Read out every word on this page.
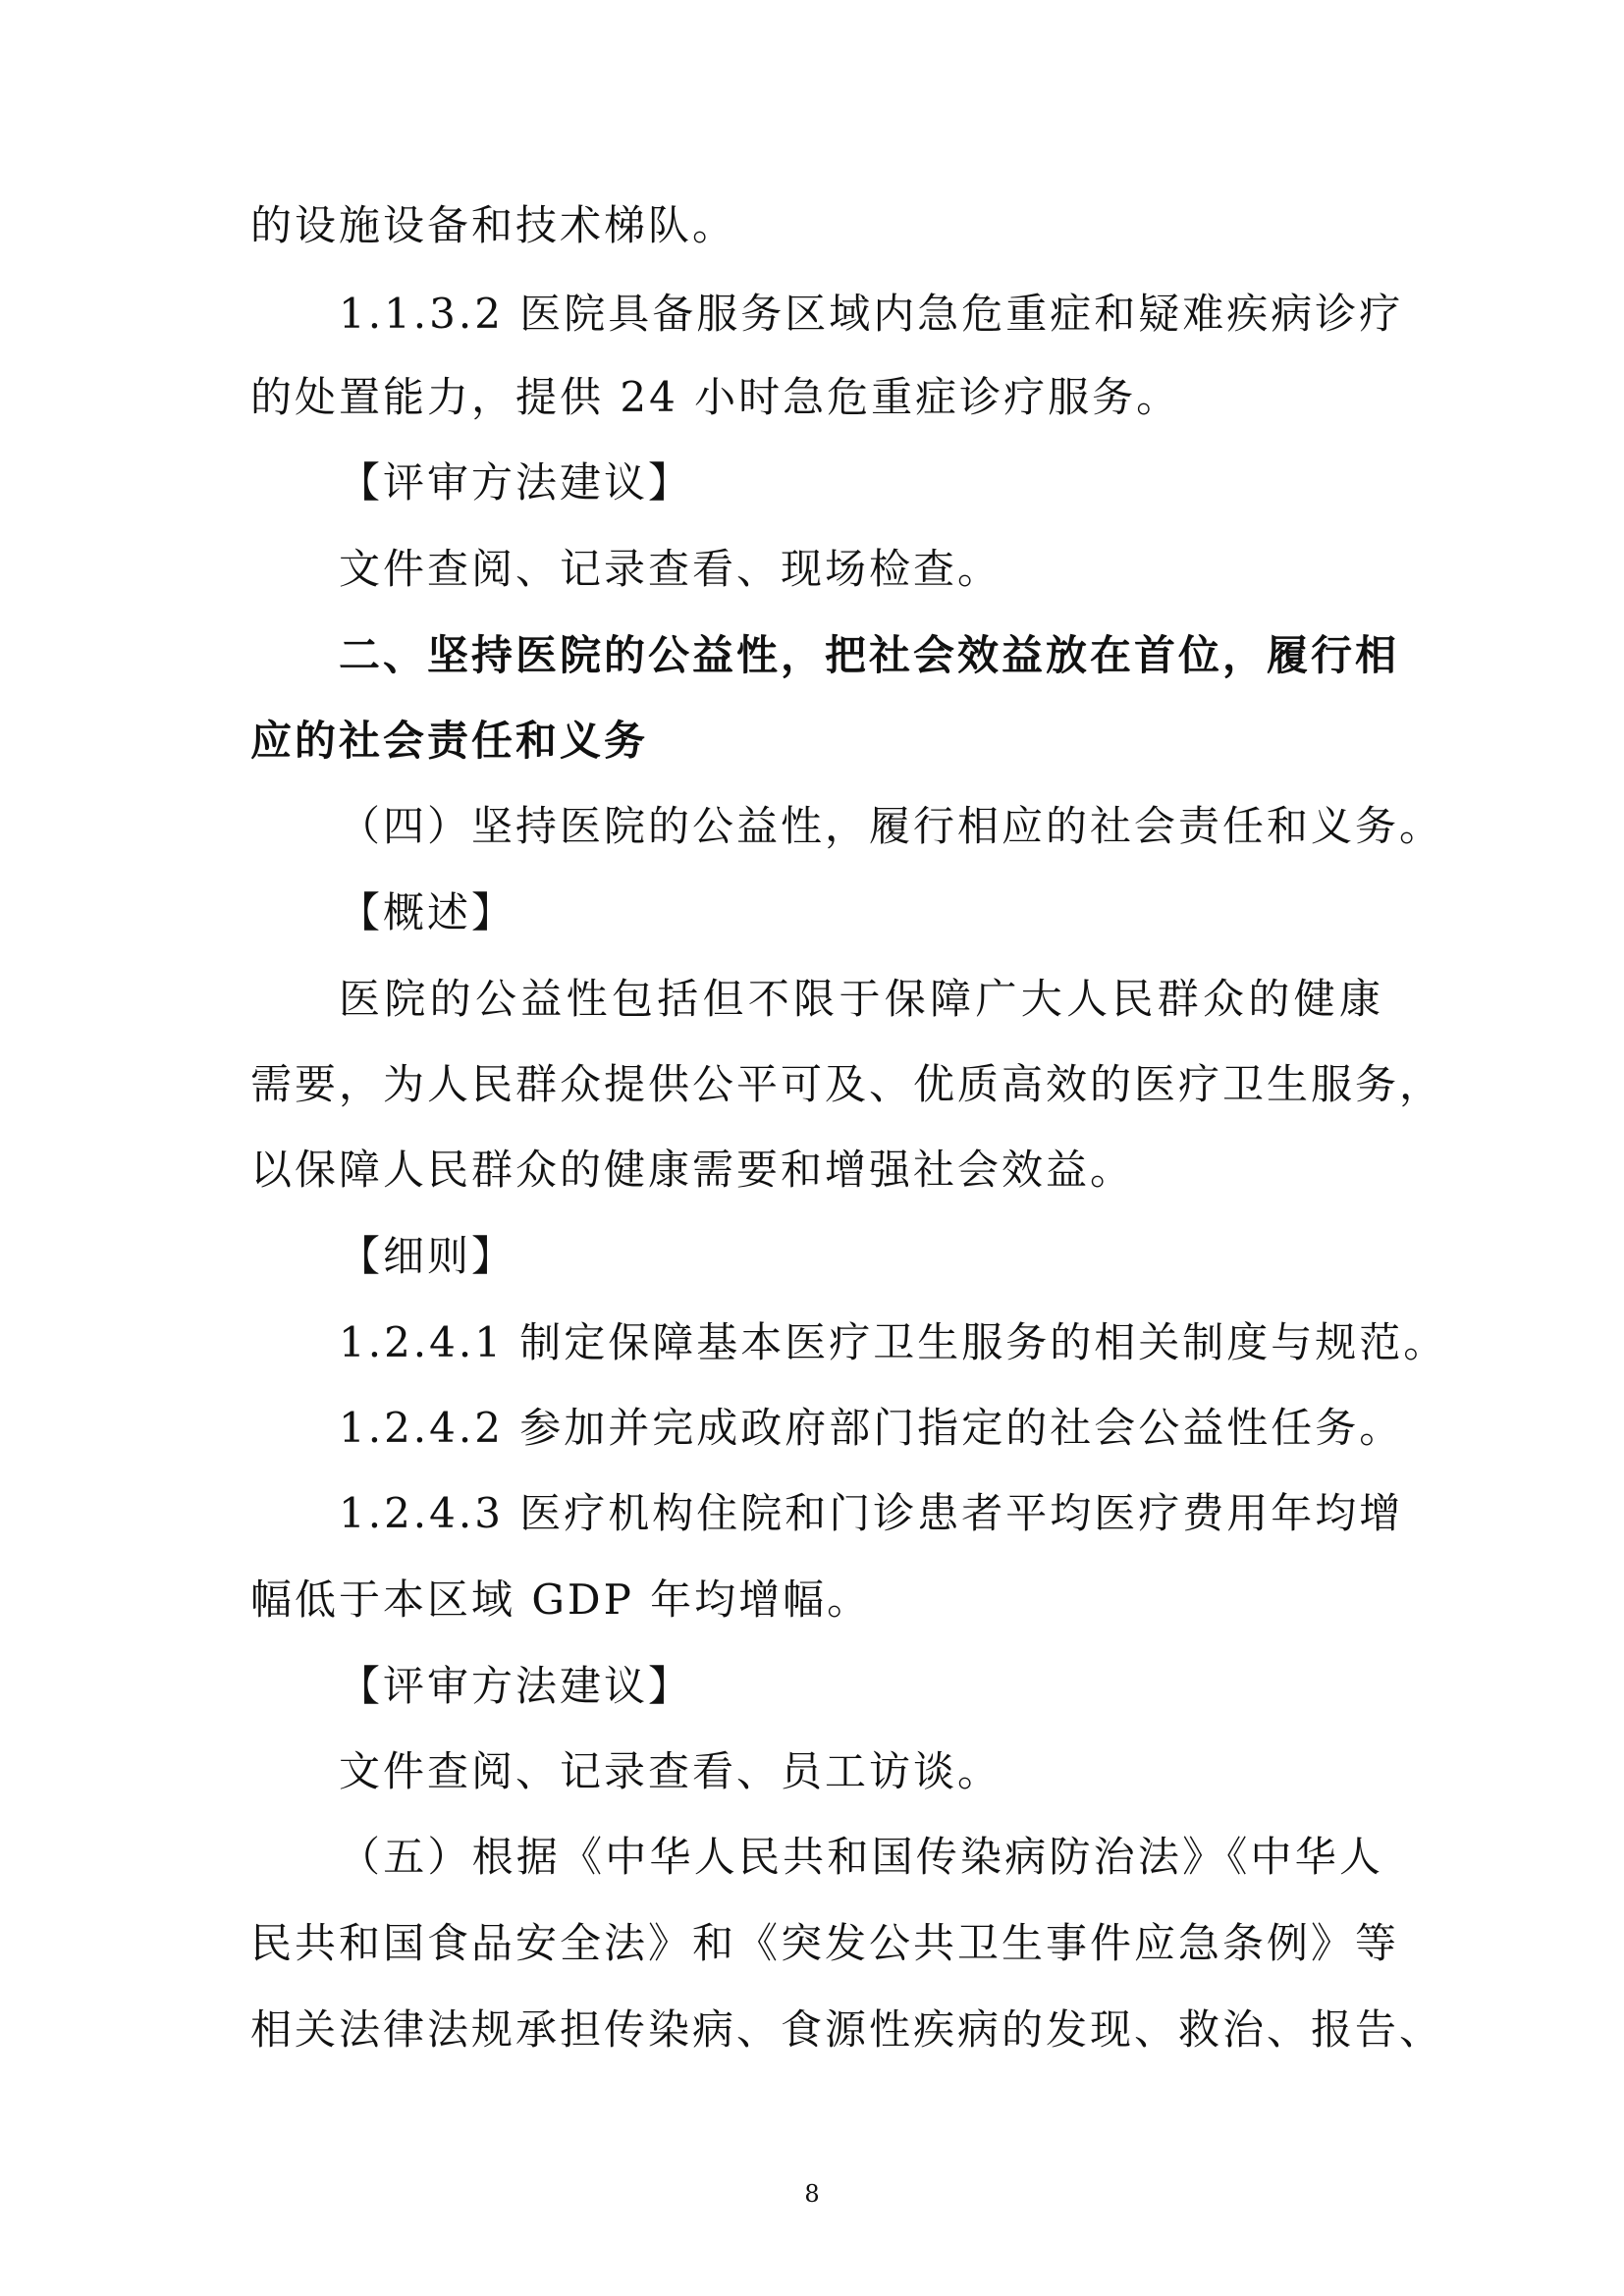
的设施设备和技术梯队。
1.1.3.2 医院具备服务区域内急危重症和疑难疾病诊疗
的处置能力，提供 24 小时急危重症诊疗服务。
【评审方法建议】
文件查阅、记录查看、现场检查。
二、坚持医院的公益性，把社会效益放在首位，履行相
应的社会责任和义务
（四）坚持医院的公益性，履行相应的社会责任和义务。
【概述】
医院的公益性包括但不限于保障广大人民群众的健康
需要，为人民群众提供公平可及、优质高效的医疗卫生服务，
以保障人民群众的健康需要和增强社会效益。
【细则】
1.2.4.1 制定保障基本医疗卫生服务的相关制度与规范。
1.2.4.2 参加并完成政府部门指定的社会公益性任务。
1.2.4.3 医疗机构住院和门诊患者平均医疗费用年均增
幅低于本区域 GDP 年均增幅。
【评审方法建议】
文件查阅、记录查看、员工访谈。
（五）根据《中华人民共和国传染病防治法》《中华人
民共和国食品安全法》和《突发公共卫生事件应急条例》等
相关法律法规承担传染病、食源性疾病的发现、救治、报告、
8
